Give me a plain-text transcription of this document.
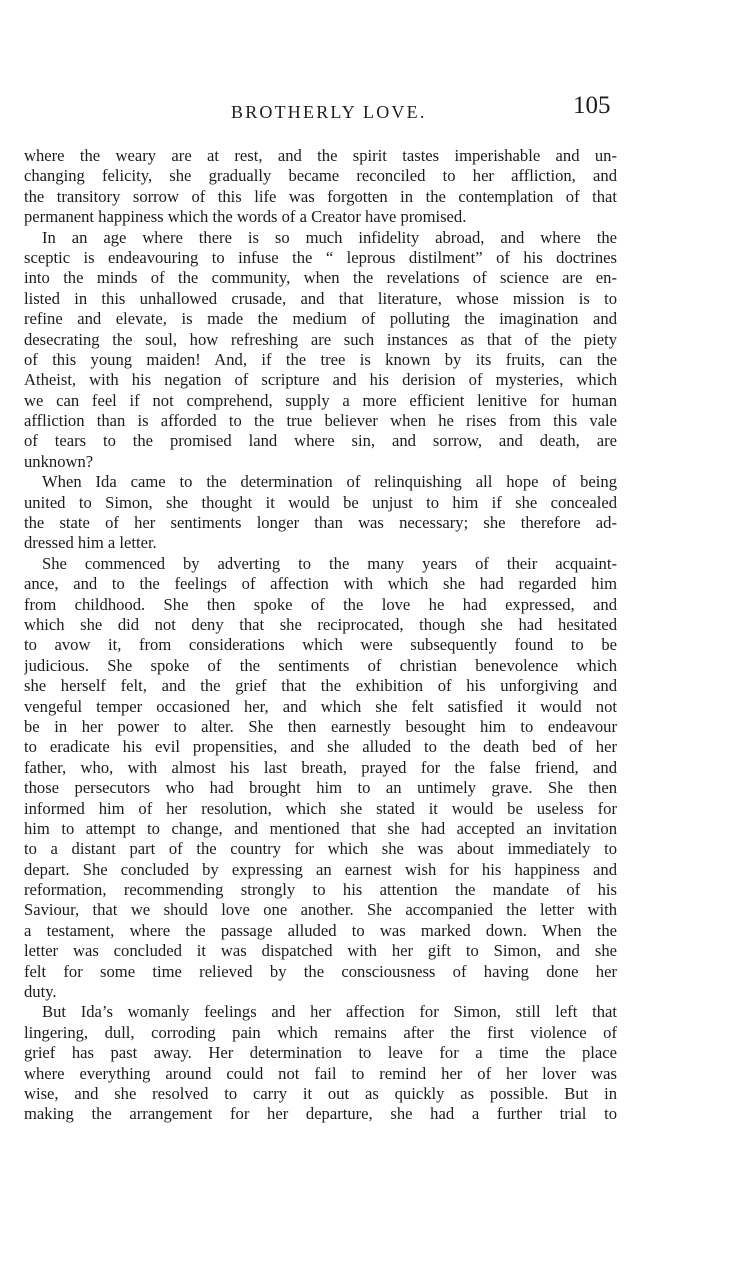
BROTHERLY LOVE.	105
where the weary are at rest, and the spirit tastes imperishable and un-
changing felicity, she gradually became reconciled to her affliction, and
the transitory sorrow of this life was forgotten in the contemplation of that
permanent happiness which the words of a Creator have promised.
In an age where there is so much infidelity abroad, and where the
sceptic is endeavouring to infuse the “ leprous distilment” of his doctrines
into the minds of the community, when the revelations of science are en-
listed in this unhallowed crusade, and that literature, whose mission is to
refine and elevate, is made the medium of polluting the imagination and
desecrating the soul, how refreshing are such instances as that of the piety
of this young maiden! And, if the tree is known by its fruits, can the
Atheist, with his negation of scripture and his derision of mysteries, which
we can feel if not comprehend, supply a more efficient lenitive for human
affliction than is afforded to the true believer when he rises from this vale
of tears to the promised land where sin, and sorrow, and death, are
unknown?
When Ida came to the determination of relinquishing all hope of being
united to Simon, she thought it would be unjust to him if she concealed
the state of her sentiments longer than was necessary; she therefore ad-
dressed him a letter.
She commenced by adverting to the many years of their acquaint-
ance, and to the feelings of affection with which she had regarded him
from childhood. She then spoke of the love he had expressed, and
which she did not deny that she reciprocated, though she had hesitated
to avow it, from considerations which were subsequently found to be
judicious. She spoke of the sentiments of christian benevolence which
she herself felt, and the grief that the exhibition of his unforgiving and
vengeful temper occasioned her, and which she felt satisfied it would not
be in her power to alter. She then earnestly besought him to endeavour
to eradicate his evil propensities, and she alluded to the death bed of her
father, who, with almost his last breath, prayed for the false friend, and
those persecutors who had brought him to an untimely grave. She then
informed him of her resolution, which she stated it would be useless for
him to attempt to change, and mentioned that she had accepted an invitation
to a distant part of the country for which she was about immediately to
depart. She concluded by expressing an earnest wish for his happiness and
reformation, recommending strongly to his attention the mandate of his
Saviour, that we should love one another. She accompanied the letter with
a testament, where the passage alluded to was marked down. When the
letter was concluded it was dispatched with her gift to Simon, and she
felt for some time relieved by the consciousness of having done her
duty.
But Ida’s womanly feelings and her affection for Simon, still left that
lingering, dull, corroding pain which remains after the first violence of
grief has past away. Her determination to leave for a time the place
where everything around could not fail to remind her of her lover was
wise, and she resolved to carry it out as quickly as possible. But in
making the arrangement for her departure, she had a further trial to
